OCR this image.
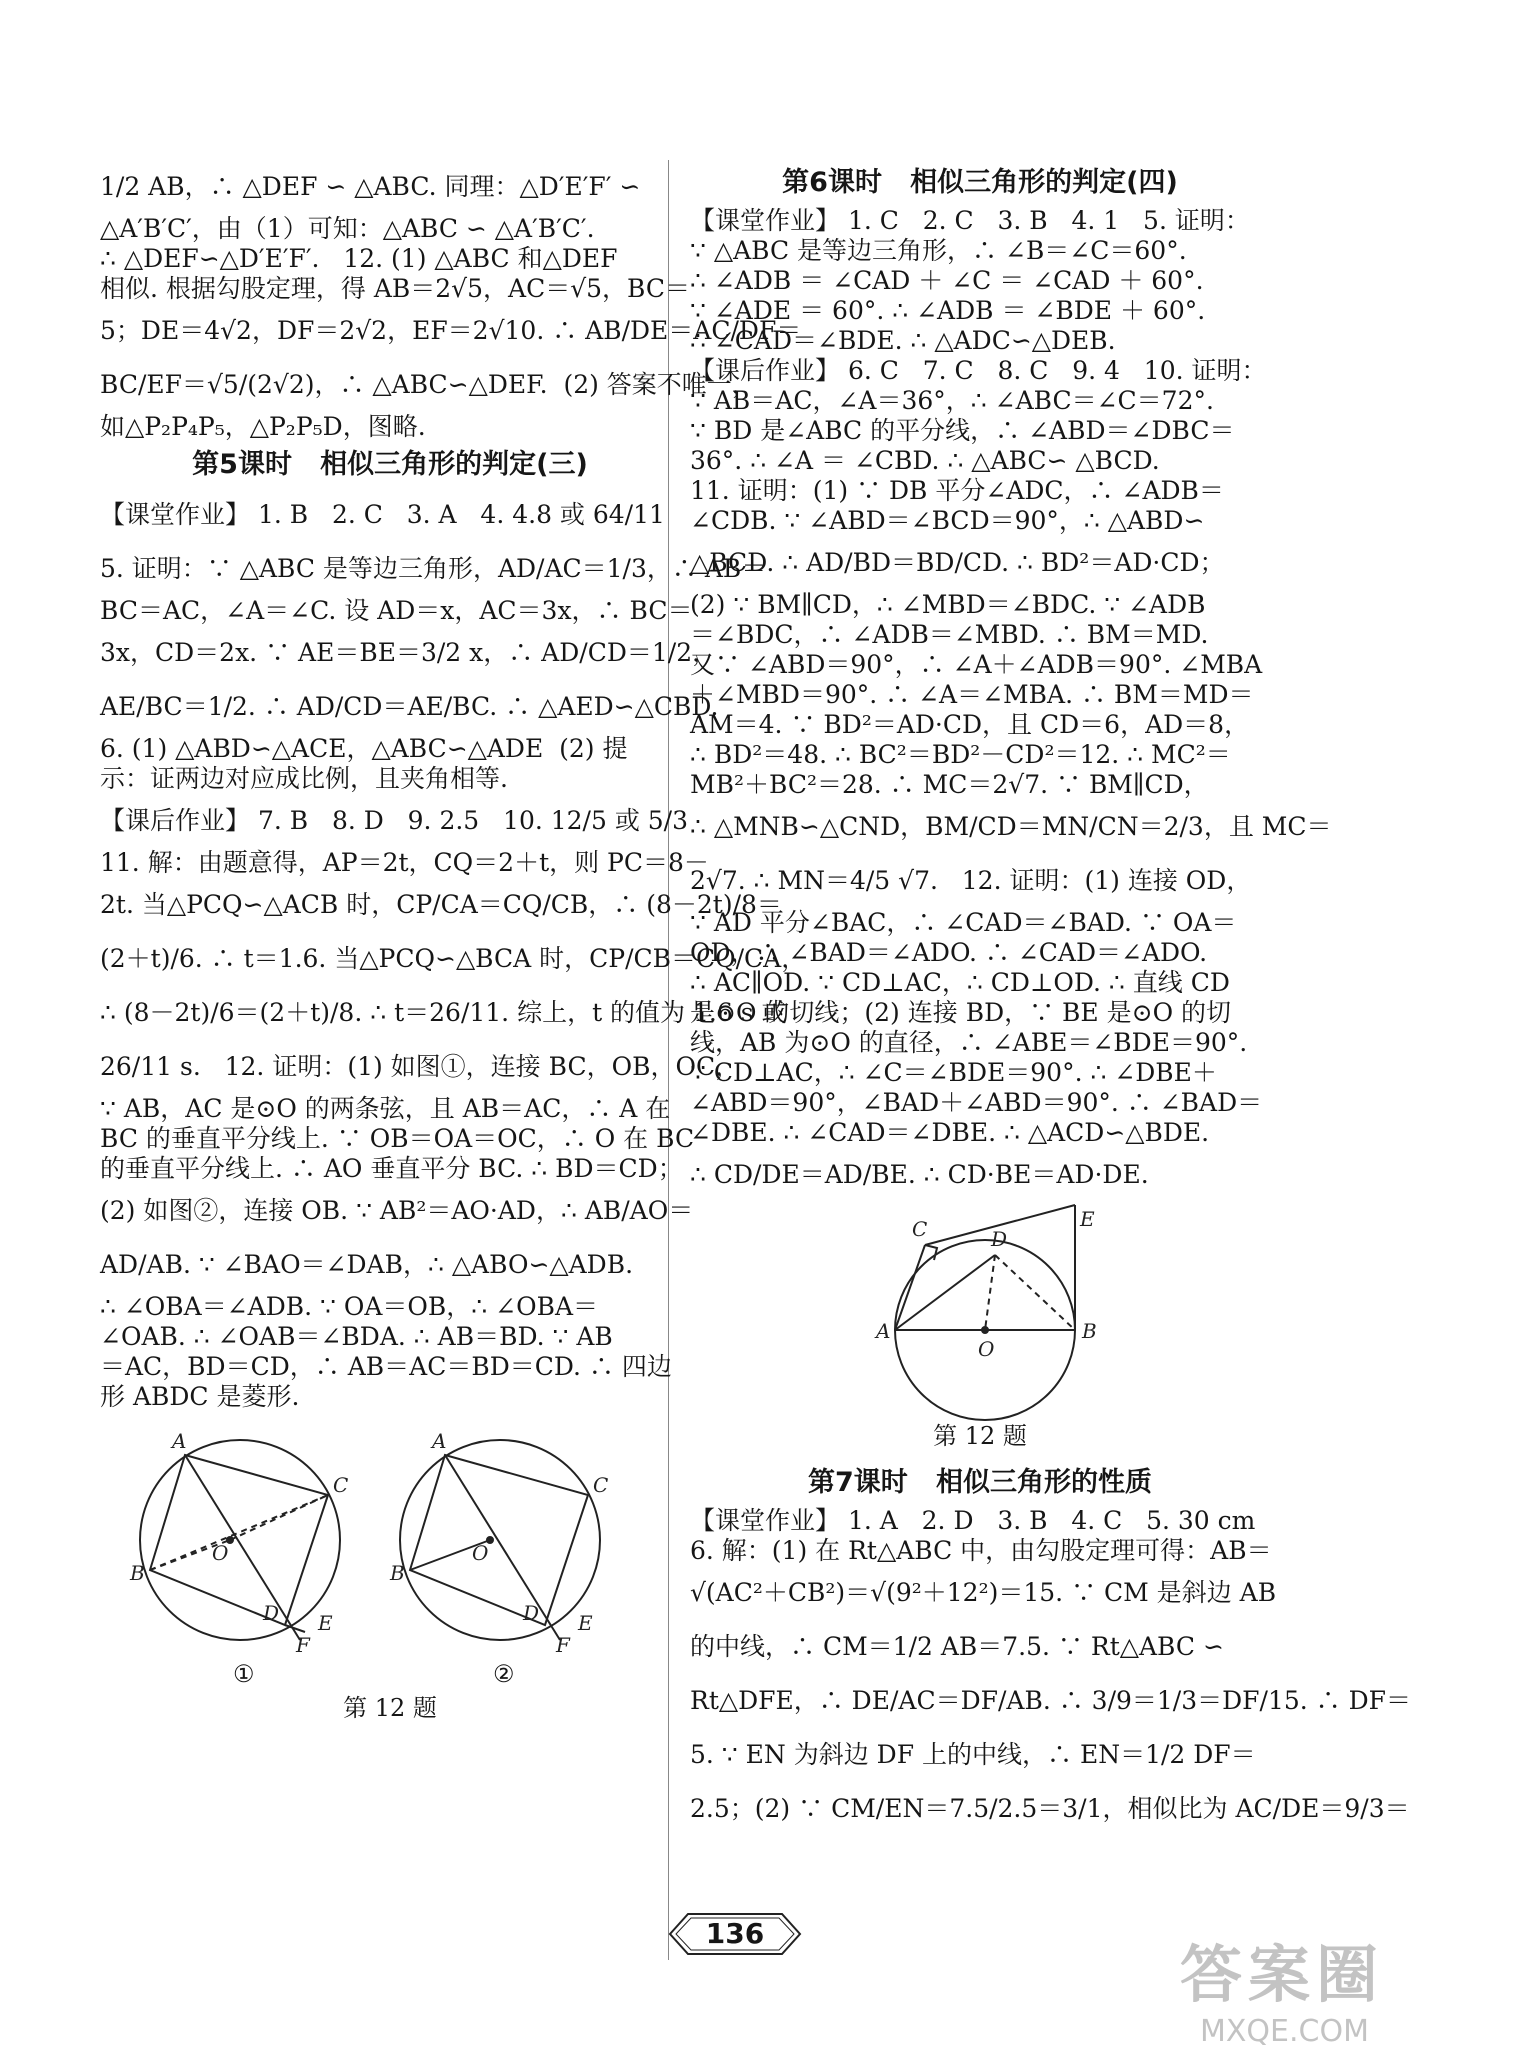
1/2 AB，∴ △DEF ∽ △ABC. 同理：△D′E′F′ ∽
△A′B′C′，由（1）可知：△ABC ∽ △A′B′C′.
∴ △DEF∽△D′E′F′.   12. (1) △ABC 和△DEF
相似. 根据勾股定理，得 AB＝2√5，AC＝√5，BC＝
5；DE＝4√2，DF＝2√2，EF＝2√10. ∴ AB/DE＝AC/DF＝
BC/EF＝√5/(2√2)，∴ △ABC∽△DEF.  (2) 答案不唯一，
如△P₂P₄P₅，△P₂P₅D，图略.
第5课时   相似三角形的判定(三)
【课堂作业】 1. B   2. C   3. A   4. 4.8 或 64/11
5. 证明：∵ △ABC 是等边三角形，AD/AC＝1/3，∴ AB＝
BC＝AC，∠A＝∠C. 设 AD＝x，AC＝3x，∴ BC＝
3x，CD＝2x. ∵ AE＝BE＝3/2 x，∴ AD/CD＝1/2，
AE/BC＝1/2. ∴ AD/CD＝AE/BC. ∴ △AED∽△CBD.
6. (1) △ABD∽△ACE，△ABC∽△ADE  (2) 提
示：证两边对应成比例，且夹角相等.
【课后作业】 7. B   8. D   9. 2.5   10. 12/5 或 5/3
11. 解：由题意得，AP＝2t，CQ＝2＋t，则 PC＝8－
2t. 当△PCQ∽△ACB 时，CP/CA＝CQ/CB，∴ (8－2t)/8＝
(2＋t)/6. ∴ t＝1.6. 当△PCQ∽△BCA 时，CP/CB＝CQ/CA，
∴ (8－2t)/6＝(2＋t)/8. ∴ t＝26/11. 综上，t 的值为 1.6 s 或
26/11 s.   12. 证明：(1) 如图①，连接 BC，OB，OC，
∵ AB，AC 是⊙O 的两条弦，且 AB＝AC，∴ A 在
BC 的垂直平分线上. ∵ OB＝OA＝OC，∴ O 在 BC
的垂直平分线上. ∴ AO 垂直平分 BC. ∴ BD＝CD；
(2) 如图②，连接 OB. ∵ AB²＝AO·AD，∴ AB/AO＝
AD/AB. ∵ ∠BAO＝∠DAB，∴ △ABO∽△ADB.
∴ ∠OBA＝∠ADB. ∵ OA＝OB，∴ ∠OBA＝
∠OAB. ∴ ∠OAB＝∠BDA. ∴ AB＝BD. ∵ AB
＝AC，BD＝CD，∴ AB＝AC＝BD＝CD. ∴ 四边
形 ABDC 是菱形.
A
C
B
O
D E
F
A
C
B
O
D E
F
①	②
第 12 题
第6课时   相似三角形的判定(四)
【课堂作业】 1. C   2. C   3. B   4. 1   5. 证明：
∵ △ABC 是等边三角形，∴ ∠B＝∠C＝60°.
∴ ∠ADB ＝ ∠CAD ＋ ∠C ＝ ∠CAD ＋ 60°.
∵ ∠ADE ＝ 60°. ∴ ∠ADB ＝ ∠BDE ＋ 60°.
∴ ∠CAD＝∠BDE. ∴ △ADC∽△DEB.
【课后作业】 6. C   7. C   8. C   9. 4   10. 证明：
∵ AB＝AC，∠A＝36°，∴ ∠ABC＝∠C＝72°.
∵ BD 是∠ABC 的平分线，∴ ∠ABD＝∠DBC＝
36°. ∴ ∠A ＝ ∠CBD. ∴ △ABC∽ △BCD.
11. 证明：(1) ∵ DB 平分∠ADC，∴ ∠ADB＝
∠CDB. ∵ ∠ABD＝∠BCD＝90°，∴ △ABD∽
△BCD. ∴ AD/BD＝BD/CD. ∴ BD²＝AD·CD；
(2) ∵ BM∥CD，∴ ∠MBD＝∠BDC. ∵ ∠ADB
＝∠BDC，∴ ∠ADB＝∠MBD. ∴ BM＝MD.
又∵ ∠ABD＝90°，∴ ∠A＋∠ADB＝90°. ∠MBA
＋∠MBD＝90°. ∴ ∠A＝∠MBA. ∴ BM＝MD＝
AM＝4. ∵ BD²＝AD·CD，且 CD＝6，AD＝8，
∴ BD²＝48. ∴ BC²＝BD²－CD²＝12. ∴ MC²＝
MB²＋BC²＝28. ∴ MC＝2√7. ∵ BM∥CD，
∴ △MNB∽△CND，BM/CD＝MN/CN＝2/3，且 MC＝
2√7. ∴ MN＝4/5 √7.   12. 证明：(1) 连接 OD，
∵ AD 平分∠BAC，∴ ∠CAD＝∠BAD. ∵ OA＝
OD，∴ ∠BAD＝∠ADO. ∴ ∠CAD＝∠ADO.
∴ AC∥OD. ∵ CD⊥AC，∴ CD⊥OD. ∴ 直线 CD
是⊙O 的切线；(2) 连接 BD，∵ BE 是⊙O 的切
线，AB 为⊙O 的直径，∴ ∠ABE＝∠BDE＝90°.
∵ CD⊥AC，∴ ∠C＝∠BDE＝90°. ∴ ∠DBE＋
∠ABD＝90°，∠BAD＋∠ABD＝90°. ∴ ∠BAD＝
∠DBE. ∴ ∠CAD＝∠DBE. ∴ △ACD∽△BDE.
∴ CD/DE＝AD/BE. ∴ CD·BE＝AD·DE.
C	D
E
A	B
O
第 12 题
第7课时   相似三角形的性质
【课堂作业】 1. A   2. D   3. B   4. C   5. 30 cm
6. 解：(1) 在 Rt△ABC 中，由勾股定理可得：AB＝
√(AC²＋CB²)＝√(9²＋12²)＝15. ∵ CM 是斜边 AB
的中线，∴ CM＝1/2 AB＝7.5. ∵ Rt△ABC ∽
Rt△DFE，∴ DE/AC＝DF/AB. ∴ 3/9＝1/3＝DF/15. ∴ DF＝
5. ∵ EN 为斜边 DF 上的中线，∴ EN＝1/2 DF＝
2.5；(2) ∵ CM/EN＝7.5/2.5＝3/1，相似比为 AC/DE＝9/3＝
136
答案圈
MXQE.COM
